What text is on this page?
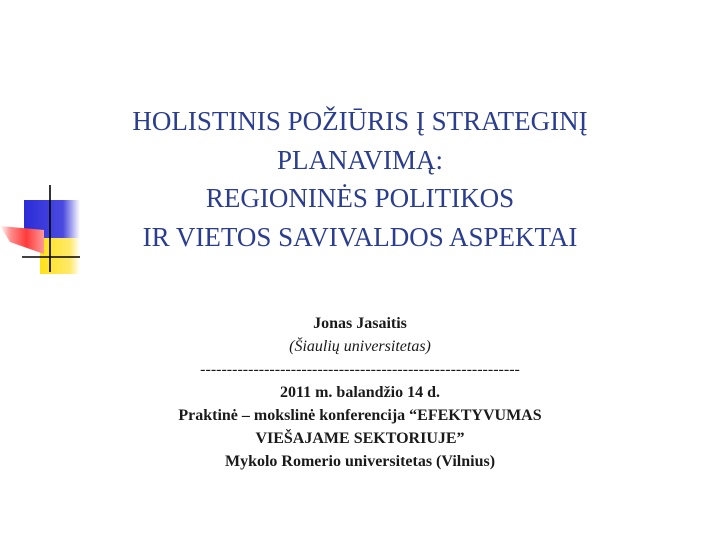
HOLISTINIS POŽIŪRIS Į STRATEGINĮ
PLANAVIMĄ:
REGIONINĖS POLITIKOS
IR VIETOS SAVIVALDOS ASPEKTAI
Jonas Jasaitis
(Šiaulių universitetas)
------------------------------------------------------------
2011 m. balandžio 14 d.
Praktinė – mokslinė konferencija “EFEKTYVUMAS
VIEŠAJAME SEKTORIUJE”
Mykolo Romerio universitetas (Vilnius)
